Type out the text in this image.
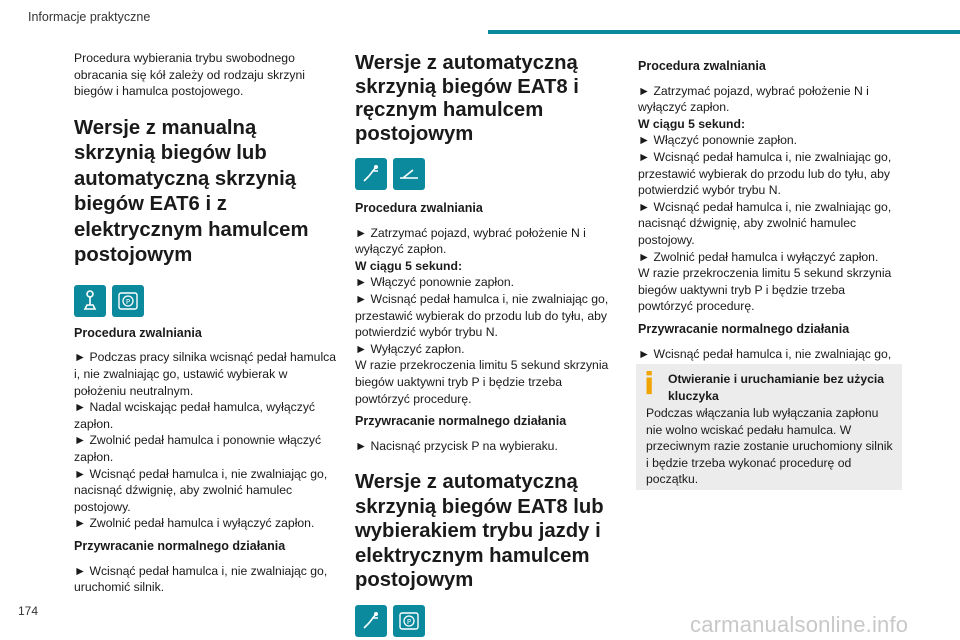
Informacje praktyczne

Procedura wybierania trybu swobodnego obracania się kół zależy od rodzaju skrzyni biegów i hamulca postojowego.

Wersje z manualną skrzynią biegów lub automatyczną skrzynią biegów EAT6 i z elektrycznym hamulcem postojowym
P

Procedura zwalniania

► Podczas pracy silnika wcisnąć pedał hamulca i, nie zwalniając go, ustawić wybierak w położeniu neutralnym.

► Nadal wciskając pedał hamulca, wyłączyć zapłon.

► Zwolnić pedał hamulca i ponownie włączyć zapłon.

► Wcisnąć pedał hamulca i, nie zwalniając go, nacisnąć dźwignię, aby zwolnić hamulec postojowy.

► Zwolnić pedał hamulca i wyłączyć zapłon.

Przywracanie normalnego działania

► Wcisnąć pedał hamulca i, nie zwalniając go, uruchomić silnik.

Wersje z automatyczną skrzynią biegów EAT8 i ręcznym hamulcem postojowym

Procedura zwalniania

► Zatrzymać pojazd, wybrać położenie N i wyłączyć zapłon.

W ciągu 5 sekund:

► Włączyć ponownie zapłon.

► Wcisnąć pedał hamulca i, nie zwalniając go, przestawić wybierak do przodu lub do tyłu, aby potwierdzić wybór trybu N.

► Wyłączyć zapłon.

W razie przekroczenia limitu 5 sekund skrzynia biegów uaktywni tryb P i będzie trzeba powtórzyć procedurę.

Przywracanie normalnego działania

► Nacisnąć przycisk P na wybieraku.

Wersje z automatyczną skrzynią biegów EAT8 lub wybierakiem trybu jazdy i elektrycznym hamulcem postojowym
P

Procedura zwalniania

► Zatrzymać pojazd, wybrać położenie N i wyłączyć zapłon.

W ciągu 5 sekund:

► Włączyć ponownie zapłon.

► Wcisnąć pedał hamulca i, nie zwalniając go, przestawić wybierak do przodu lub do tyłu, aby potwierdzić wybór trybu N.

► Wcisnąć pedał hamulca i, nie zwalniając go, nacisnąć dźwignię, aby zwolnić hamulec postojowy.

► Zwolnić pedał hamulca i wyłączyć zapłon.

W razie przekroczenia limitu 5 sekund skrzynia biegów uaktywni tryb P i będzie trzeba powtórzyć procedurę.

Przywracanie normalnego działania

► Wcisnąć pedał hamulca i, nie zwalniając go,

i Otwieranie i uruchamianie bez użycia kluczyka
Podczas włączania lub wyłączania zapłonu nie wolno wciskać pedału hamulca. W przeciwnym razie zostanie uruchomiony silnik i będzie trzeba wykonać procedurę od początku.
174
carmanualsonline.info
